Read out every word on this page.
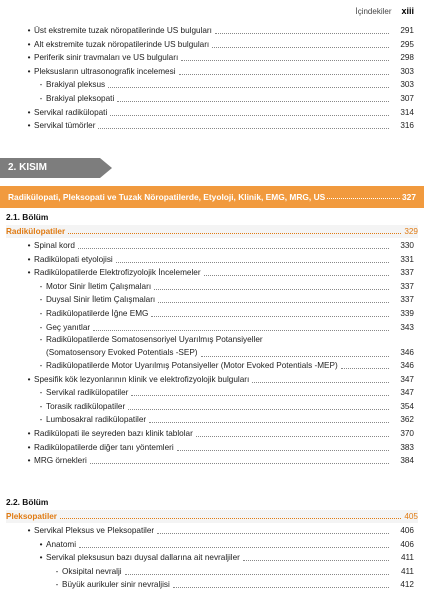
İçindekiler xiii
• Üst ekstremite tuzak nöropatilerinde US bulguları	291
• Alt ekstremite tuzak nöropatilerinde US bulguları	295
• Periferik sinir travmaları ve US bulguları	298
• Pleksusların ultrasonografik incelemesi	303
- Brakiyal pleksus	303
- Brakiyal pleksopati	307
• Servikal radikülopati	314
• Servikal tümörler	316
2. KISIM
Radikülopati, Pleksopati ve Tuzak Nöropatilerde, Etyoloji, Klinik, EMG, MRG, US	327
2.1. Bölüm
Radikülopatiler	329
• Spinal kord	330
• Radikülopati etyolojisi	331
• Radikülopatilerde Elektrofizyolojik İncelemeler	337
- Motor Sinir İletim Çalışmaları	337
- Duysal Sinir İletim Çalışmaları	337
- Radikülopatilerde İğne EMG	339
- Geç yanıtlar	343
- Radikülopatilerde Somatosensoriyel Uyarılmış Potansiyeller
(Somatosensory Evoked Potentials -SEP)	346
- Radikülopatilerde Motor Uyarılmış Potansiyeller (Motor Evoked Potentials -MEP)	346
• Spesifik kök lezyonlarının klinik ve elektrofizyolojik bulguları	347
- Servikal radikülopatiler	347
- Torasik radikülopatiler	354
- Lumbosakral radikülopatiler	362
• Radikülopati ile seyreden bazı klinik tablolar	370
• Radikülopatilerde diğer tanı yöntemleri	383
• MRG örnekleri	384
2.2. Bölüm
Pleksopatiler	405
• Servikal Pleksus ve Pleksopatiler	406
• Anatomi	406
• Servikal pleksusun bazı duysal dallarına ait nevraljiler	411
- Oksipital nevralji	411
- Büyük aurikuler sinir nevraljisi	412
